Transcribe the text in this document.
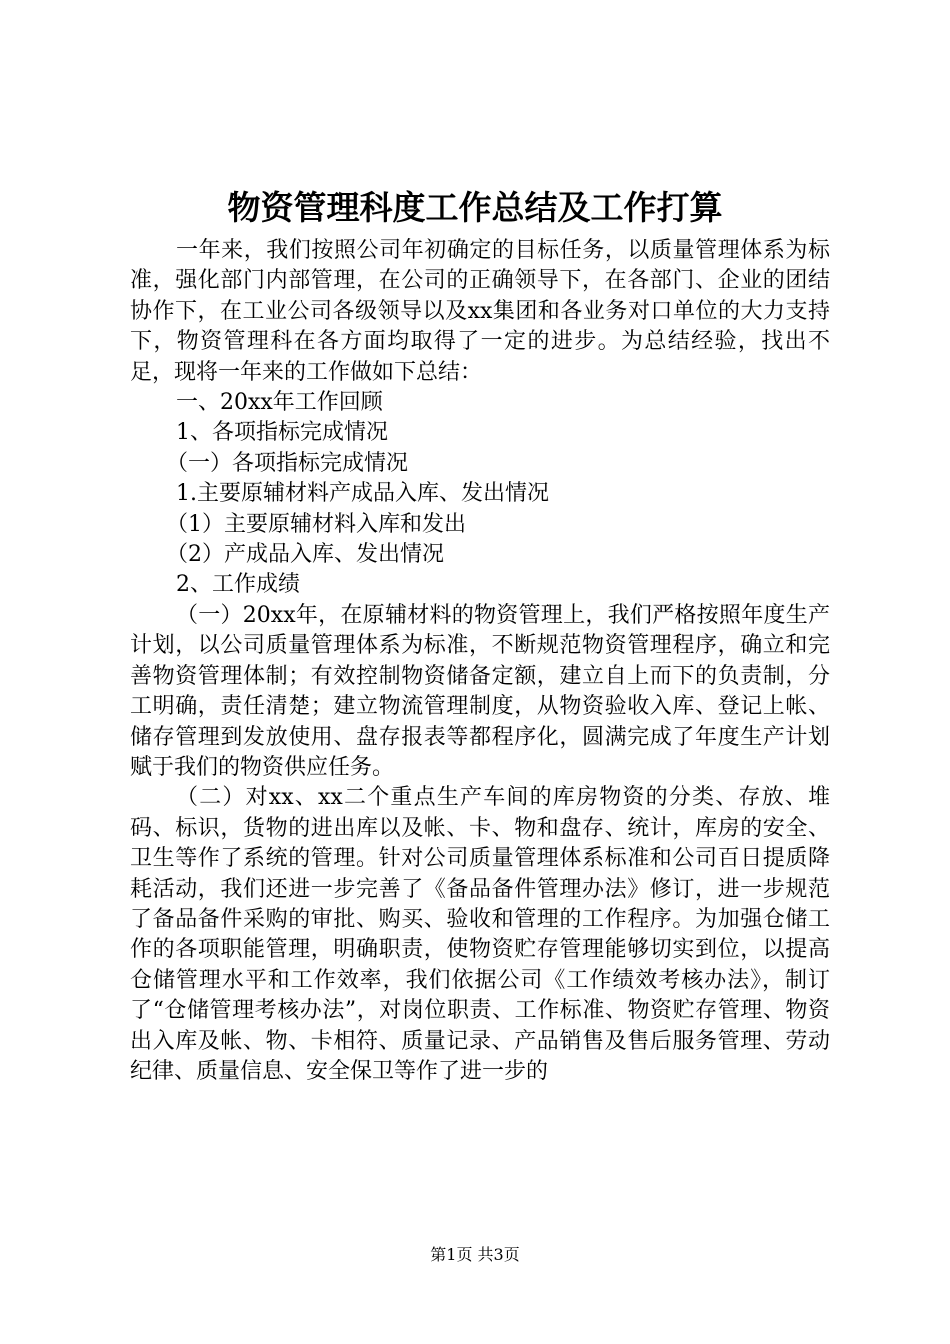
物资管理科度工作总结及工作打算

一年来，我们按照公司年初确定的目标任务，以质量管理体系为标准，强化部门内部管理，在公司的正确领导下，在各部门、企业的团结协作下，在工业公司各级领导以及xx集团和各业务对口单位的大力支持下，物资管理科在各方面均取得了一定的进步。为总结经验，找出不足，现将一年来的工作做如下总结：

一、20xx年工作回顾

1、各项指标完成情况

（一）各项指标完成情况

1.主要原辅材料产成品入库、发出情况

（1）主要原辅材料入库和发出

（2）产成品入库、发出情况

2、工作成绩

（一）20xx年，在原辅材料的物资管理上，我们严格按照年度生产计划，以公司质量管理体系为标准，不断规范物资管理程序，确立和完善物资管理体制；有效控制物资储备定额，建立自上而下的负责制，分工明确，责任清楚；建立物流管理制度，从物资验收入库、登记上帐、储存管理到发放使用、盘存报表等都程序化，圆满完成了年度生产计划赋于我们的物资供应任务。

（二）对xx、xx二个重点生产车间的库房物资的分类、存放、堆码、标识，货物的进出库以及帐、卡、物和盘存、统计，库房的安全、卫生等作了系统的管理。针对公司质量管理体系标准和公司百日提质降耗活动，我们还进一步完善了《备品备件管理办法》修订，进一步规范了备品备件采购的审批、购买、验收和管理的工作程序。为加强仓储工作的各项职能管理，明确职责，使物资贮存管理能够切实到位，以提高仓储管理水平和工作效率，我们依据公司《工作绩效考核办法》，制订了“仓储管理考核办法”，对岗位职责、工作标准、物资贮存管理、物资出入库及帐、物、卡相符、质量记录、产品销售及售后服务管理、劳动纪律、质量信息、安全保卫等作了进一步的

第1页 共3页
